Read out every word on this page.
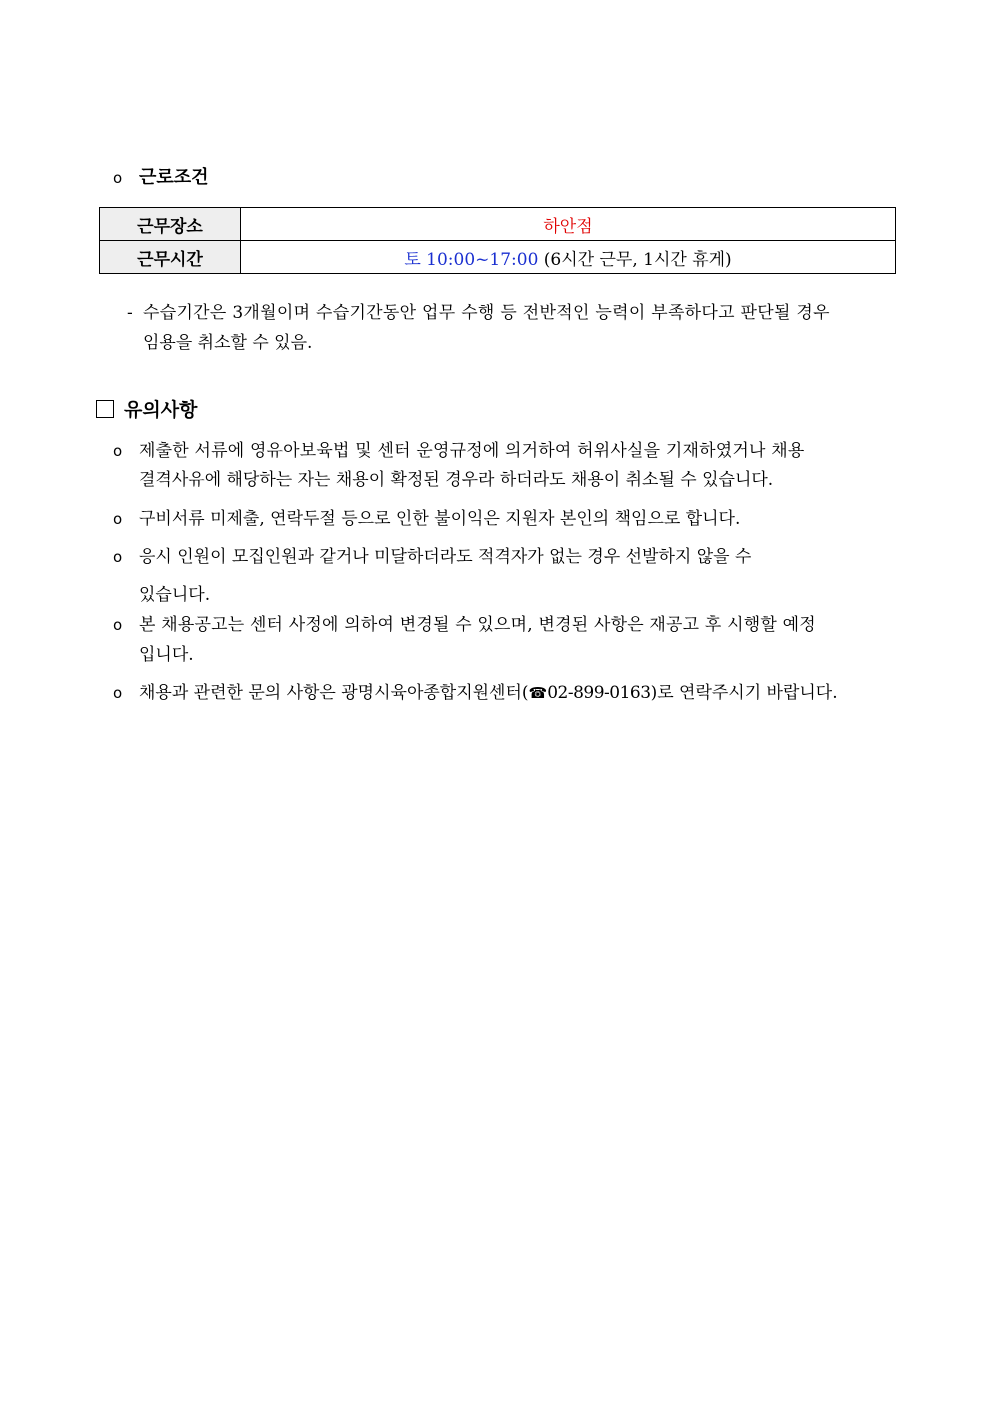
o 근로조건
근무장소	하안점
근무시간	토 10:00~17:00 (6시간 근무, 1시간 휴게)
- 수습기간은 3개월이며 수습기간동안 업무 수행 등 전반적인 능력이 부족하다고 판단될 경우
임용을 취소할 수 있음.
유의사항
o 제출한 서류에 영유아보육법 및 센터 운영규정에 의거하여 허위사실을 기재하였거나 채용
결격사유에 해당하는 자는 채용이 확정된 경우라 하더라도 채용이 취소될 수 있습니다.
o 구비서류 미제출, 연락두절 등으로 인한 불이익은 지원자 본인의 책임으로 합니다.
o 응시 인원이 모집인원과 같거나 미달하더라도 적격자가 없는 경우 선발하지 않을 수
있습니다.
o 본 채용공고는 센터 사정에 의하여 변경될 수 있으며, 변경된 사항은 재공고 후 시행할 예정
입니다.
o 채용과 관련한 문의 사항은 광명시육아종합지원센터(☎02-899-0163)로 연락주시기 바랍니다.
